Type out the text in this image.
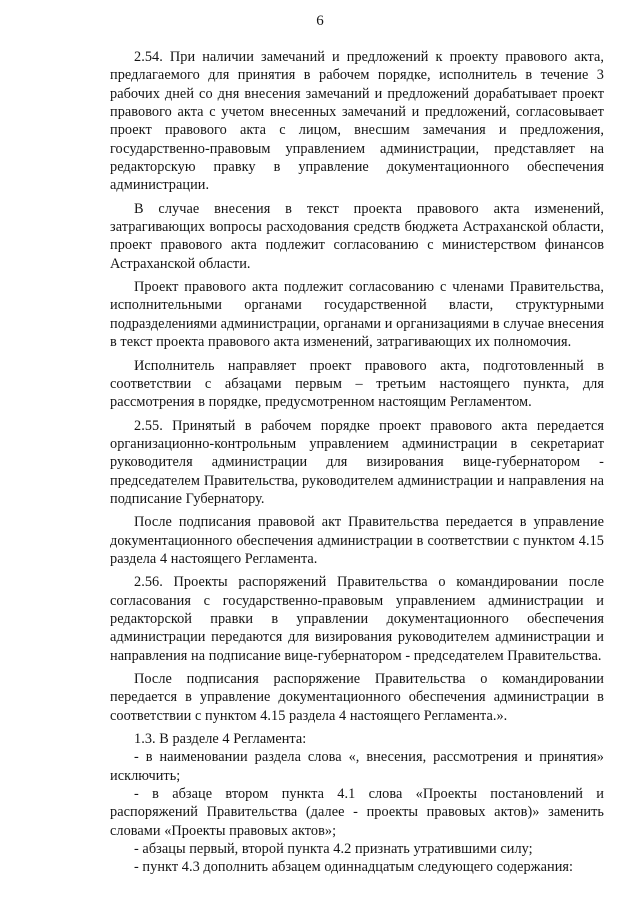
6

2.54. При наличии замечаний и предложений к проекту правового акта, предлагаемого для принятия в рабочем порядке, исполнитель в течение 3 рабочих дней со дня внесения замечаний и предложений дорабатывает проект правового акта с учетом внесенных замечаний и предложений, согласовывает проект правового акта с лицом, внесшим замечания и предложения, государственно-правовым управлением администрации, представляет на редакторскую правку в управление документационного обеспечения администрации.

В случае внесения в текст проекта правового акта изменений, затрагивающих вопросы расходования средств бюджета Астраханской области, проект правового акта подлежит согласованию с министерством финансов Астраханской области.

Проект правового акта подлежит согласованию с членами Правительства, исполнительными органами государственной власти, структурными подразделениями администрации, органами и организациями в случае внесения в текст проекта правового акта изменений, затрагивающих их полномочия.

Исполнитель направляет проект правового акта, подготовленный в соответствии с абзацами первым – третьим настоящего пункта, для рассмотрения в порядке, предусмотренном настоящим Регламентом.

2.55. Принятый в рабочем порядке проект правового акта передается организационно-контрольным управлением администрации в секретариат руководителя администрации для визирования вице-губернатором - председателем Правительства, руководителем администрации и направления на подписание Губернатору.

После подписания правовой акт Правительства передается в управление документационного обеспечения администрации в соответствии с пунктом 4.15 раздела 4 настоящего Регламента.

2.56. Проекты распоряжений Правительства о командировании после согласования с государственно-правовым управлением администрации и редакторской правки в управлении документационного обеспечения администрации передаются для визирования руководителем администрации и направления на подписание вице-губернатором - председателем Правительства.

После подписания распоряжение Правительства о командировании передается в управление документационного обеспечения администрации в соответствии с пунктом 4.15 раздела 4 настоящего Регламента.».

1.3. В разделе 4 Регламента:

- в наименовании раздела слова «, внесения, рассмотрения и принятия» исключить;

- в абзаце втором пункта 4.1 слова «Проекты постановлений и распоряжений Правительства (далее - проекты правовых актов)» заменить словами «Проекты правовых актов»;

- абзацы первый, второй пункта 4.2 признать утратившими силу;

- пункт 4.3 дополнить абзацем одиннадцатым следующего содержания:
